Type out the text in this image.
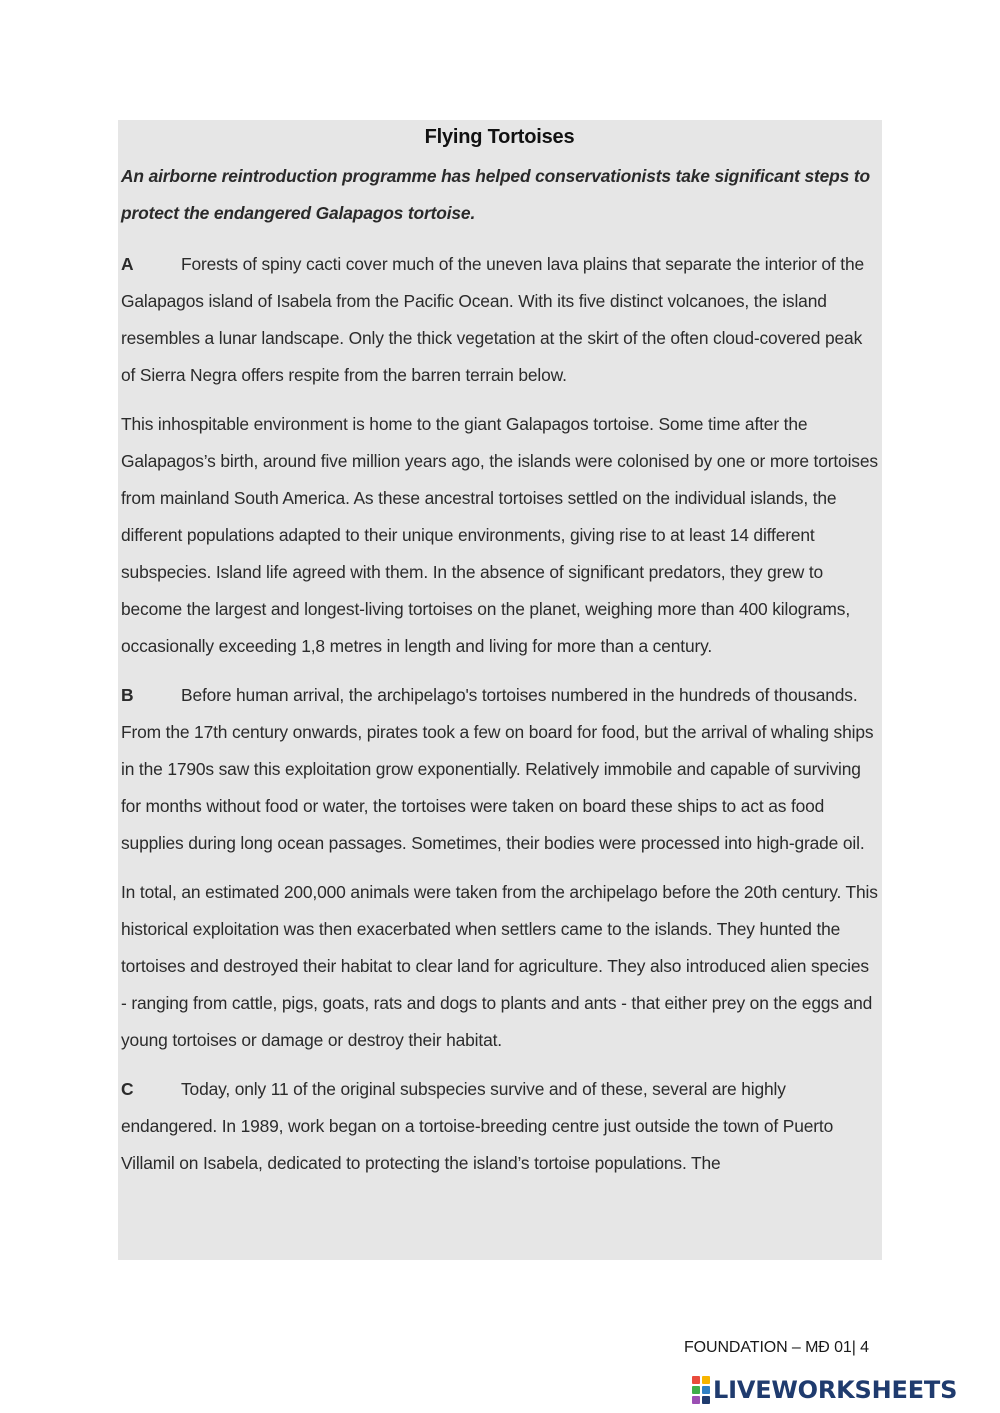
Flying Tortoises
An airborne reintroduction programme has helped conservationists take significant steps to protect the endangered Galapagos tortoise.

A	Forests of spiny cacti cover much of the uneven lava plains that separate the interior of the Galapagos island of Isabela from the Pacific Ocean. With its five distinct volcanoes, the island resembles a lunar landscape. Only the thick vegetation at the skirt of the often cloud-covered peak of Sierra Negra offers respite from the barren terrain below.

This inhospitable environment is home to the giant Galapagos tortoise. Some time after the Galapagos’s birth, around five million years ago, the islands were colonised by one or more tortoises from mainland South America. As these ancestral tortoises settled on the individual islands, the different populations adapted to their unique environments, giving rise to at least 14 different subspecies. Island life agreed with them. In the absence of significant predators, they grew to become the largest and longest-living tortoises on the planet, weighing more than 400 kilograms, occasionally exceeding 1,8 metres in length and living for more than a century.

B	Before human arrival, the archipelago's tortoises numbered in the hundreds of thousands. From the 17th century onwards, pirates took a few on board for food, but the arrival of whaling ships in the 1790s saw this exploitation grow exponentially. Relatively immobile and capable of surviving for months without food or water, the tortoises were taken on board these ships to act as food supplies during long ocean passages. Sometimes, their bodies were processed into high-grade oil.

In total, an estimated 200,000 animals were taken from the archipelago before the 20th century. This historical exploitation was then exacerbated when settlers came to the islands. They hunted the tortoises and destroyed their habitat to clear land for agriculture. They also introduced alien species - ranging from cattle, pigs, goats, rats and dogs to plants and ants - that either prey on the eggs and young tortoises or damage or destroy their habitat.

C	Today, only 11 of the original subspecies survive and of these, several are highly endangered. In 1989, work began on a tortoise-breeding centre just outside the town of Puerto Villamil on Isabela, dedicated to protecting the island’s tortoise populations. The

FOUNDATION – MĐ 01| 4
LIVEWORKSHEETS
